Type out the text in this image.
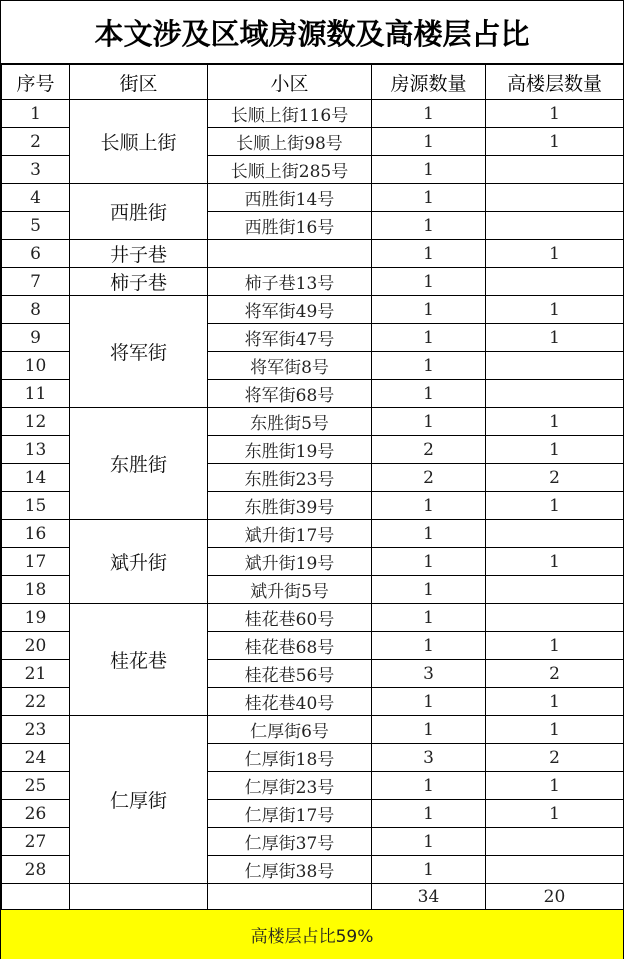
本文涉及区域房源数及高楼层占比
序号	街区	小区	房源数量	高楼层数量
1	长顺上街	长顺上街116号	1	1
2		长顺上街98号	1	1
3		长顺上街285号	1	
4	西胜街	西胜街14号	1	
5		西胜街16号	1	
6	井子巷		1	1
7	柿子巷	柿子巷13号	1	
8	将军街	将军街49号	1	1
9		将军街47号	1	1
10		将军街8号	1	
11		将军街68号	1	
12	东胜街	东胜街5号	1	1
13		东胜街19号	2	1
14		东胜街23号	2	2
15		东胜街39号	1	1
16	斌升街	斌升街17号	1	
17		斌升街19号	1	1
18		斌升街5号	1	
19	桂花巷	桂花巷60号	1	
20		桂花巷68号	1	1
21		桂花巷56号	3	2
22		桂花巷40号	1	1
23	仁厚街	仁厚街6号	1	1
24		仁厚街18号	3	2
25		仁厚街23号	1	1
26		仁厚街17号	1	1
27		仁厚街37号	1	
28		仁厚街38号	1	
			34	20
高楼层占比59%
